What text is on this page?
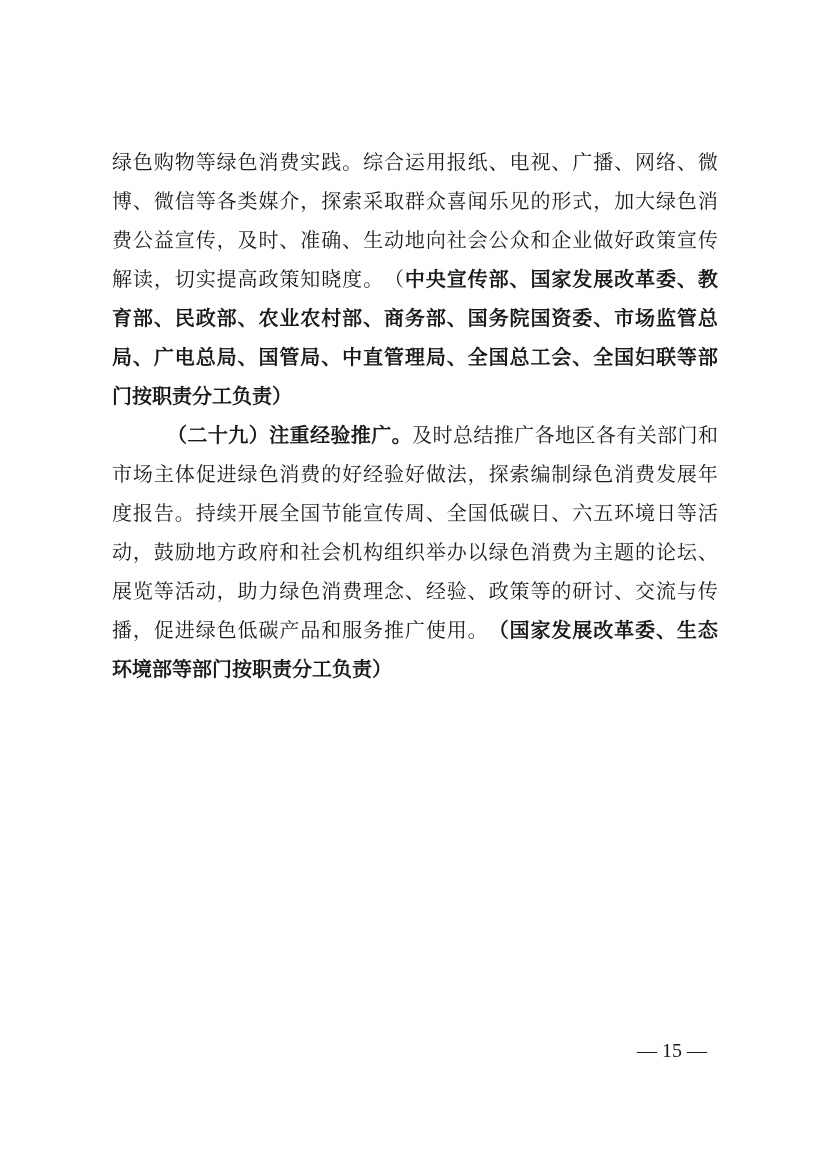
绿 色 购 物 等 绿 色 消 费 实 践 。 综 合 运 用 报 纸 、 电 视 、 广 播 、 网 络 、 微
博 、 微 信 等 各 类 媒 介 ， 探 索 采 取 群 众 喜 闻 乐 见 的 形 式 ， 加 大 绿 色 消
费 公 益 宣 传 ， 及 时 、 准 确 、 生 动 地 向 社 会 公 众 和 企 业 做 好 政 策 宣 传
解 读 ， 切 实 提 高 政 策 知 晓 度 。 （ 中 央 宣 传 部 、 国 家 发 展 改 革 委 、 教
育 部 、 民 政 部 、 农 业 农 村 部 、 商 务 部 、 国 务 院 国 资 委 、 市 场 监 管 总
局 、 广 电 总 局 、 国 管 局 、 中 直 管 理 局 、 全 国 总 工 会 、 全 国 妇 联 等 部
门
按
职
责
分
工
负
责
）
（ 二 十 九 ） 注 重 经 验 推 广 。 及 时 总 结 推 广 各 地 区 各 有 关 部 门 和
市 场 主 体 促 进 绿 色 消 费 的 好 经 验 好 做 法 ， 探 索 编 制 绿 色 消 费 发 展 年
度 报 告 。 持 续 开 展 全 国 节 能 宣 传 周 、 全 国 低 碳 日 、 六 五 环 境 日 等 活
动 ， 鼓 励 地 方 政 府 和 社 会 机 构 组 织 举 办 以 绿 色 消 费 为 主 题 的 论 坛 、
展 览 等 活 动 ， 助 力 绿 色 消 费 理 念 、 经 验 、 政 策 等 的 研 讨 、 交 流 与 传
播 ， 促 进 绿 色 低 碳 产 品 和 服 务 推 广 使 用 。 （ 国 家 发 展 改 革 委 、 生 态
环
境
部
等
部
门
按
职
责
分
工
负
责
）
— 15 —
